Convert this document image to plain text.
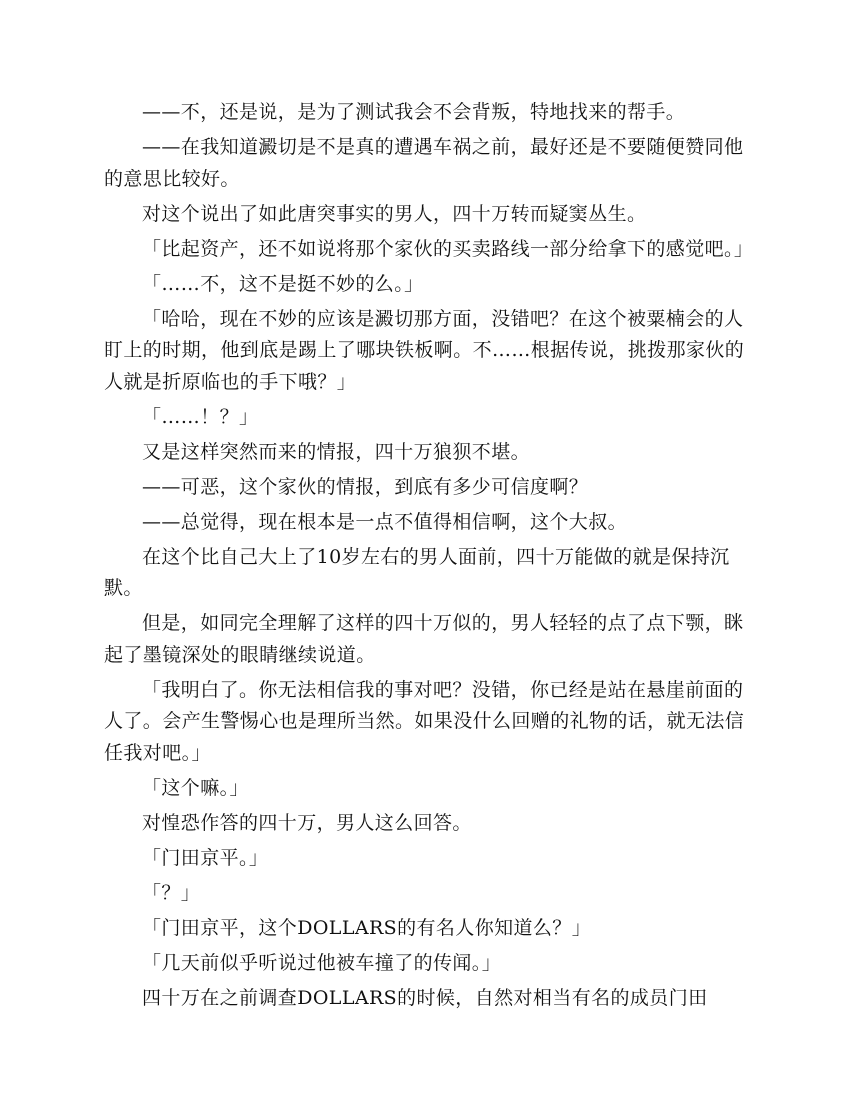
——不，还是说，是为了测试我会不会背叛，特地找来的帮手。

——在我知道澱切是不是真的遭遇车祸之前，最好还是不要随便赞同他的意思比较好。

对这个说出了如此唐突事实的男人，四十万转而疑窦丛生。

「比起资产，还不如说将那个家伙的买卖路线一部分给拿下的感觉吧。」

「……不，这不是挺不妙的么。」

「哈哈，现在不妙的应该是澱切那方面，没错吧？在这个被粟楠会的人盯上的时期，他到底是踢上了哪块铁板啊。不……根据传说，挑拨那家伙的人就是折原临也的手下哦？」

「……！？」

又是这样突然而来的情报，四十万狼狈不堪。

——可恶，这个家伙的情报，到底有多少可信度啊？

——总觉得，现在根本是一点不值得相信啊，这个大叔。

在这个比自己大上了10岁左右的男人面前，四十万能做的就是保持沉默。

但是，如同完全理解了这样的四十万似的，男人轻轻的点了点下颚，眯起了墨镜深处的眼睛继续说道。

「我明白了。你无法相信我的事对吧？没错，你已经是站在悬崖前面的人了。会产生警惕心也是理所当然。如果没什么回赠的礼物的话，就无法信任我对吧。」

「这个嘛。」

对惶恐作答的四十万，男人这么回答。

「门田京平。」

「？」

「门田京平，这个DOLLARS的有名人你知道么？」

「几天前似乎听说过他被车撞了的传闻。」

四十万在之前调查DOLLARS的时候，自然对相当有名的成员门田
